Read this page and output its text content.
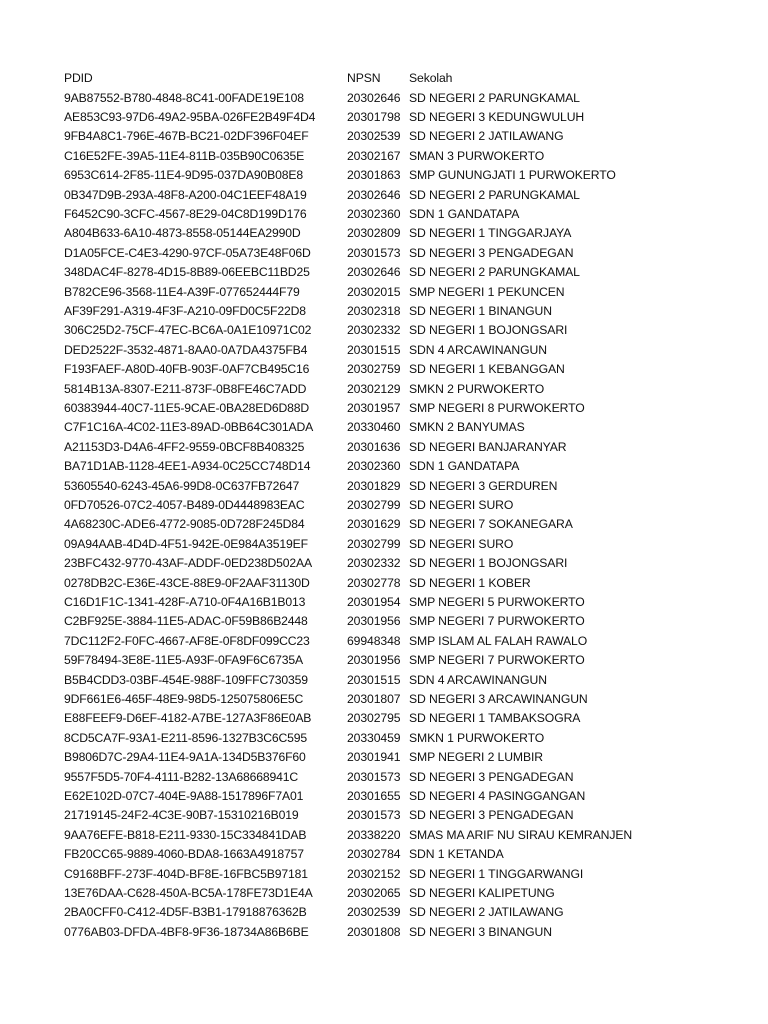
PDID	NPSN	Sekolah
9AB87552-B780-4848-8C41-00FADE19E108	20302646 SD NEGERI 2 PARUNGKAMAL
AE853C93-97D6-49A2-95BA-026FE2B49F4D4	20301798 SD NEGERI 3 KEDUNGWULUH
9FB4A8C1-796E-467B-BC21-02DF396F04EF	20302539 SD NEGERI 2 JATILAWANG
C16E52FE-39A5-11E4-811B-035B90C0635E	20302167 SMAN 3 PURWOKERTO
6953C614-2F85-11E4-9D95-037DA90B08E8	20301863 SMP GUNUNGJATI 1 PURWOKERTO
0B347D9B-293A-48F8-A200-04C1EEF48A19	20302646 SD NEGERI 2 PARUNGKAMAL
F6452C90-3CFC-4567-8E29-04C8D199D176	20302360 SDN 1 GANDATAPA
A804B633-6A10-4873-8558-05144EA2990D	20302809 SD NEGERI 1 TINGGARJAYA
D1A05FCE-C4E3-4290-97CF-05A73E48F06D	20301573 SD NEGERI 3 PENGADEGAN
348DAC4F-8278-4D15-8B89-06EEBC11BD25	20302646 SD NEGERI 2 PARUNGKAMAL
B782CE96-3568-11E4-A39F-077652444F79	20302015 SMP NEGERI 1 PEKUNCEN
AF39F291-A319-4F3F-A210-09FD0C5F22D8	20302318 SD NEGERI 1 BINANGUN
306C25D2-75CF-47EC-BC6A-0A1E10971C02	20302332 SD NEGERI 1 BOJONGSARI
DED2522F-3532-4871-8AA0-0A7DA4375FB4	20301515 SDN 4 ARCAWINANGUN
F193FAEF-A80D-40FB-903F-0AF7CB495C16	20302759 SD NEGERI 1 KEBANGGAN
5814B13A-8307-E211-873F-0B8FE46C7ADD	20302129 SMKN 2 PURWOKERTO
60383944-40C7-11E5-9CAE-0BA28ED6D88D	20301957 SMP NEGERI 8 PURWOKERTO
C7F1C16A-4C02-11E3-89AD-0BB64C301ADA	20330460 SMKN 2 BANYUMAS
A21153D3-D4A6-4FF2-9559-0BCF8B408325	20301636 SD NEGERI BANJARANYAR
BA71D1AB-1128-4EE1-A934-0C25CC748D14	20302360 SDN 1 GANDATAPA
53605540-6243-45A6-99D8-0C637FB72647	20301829 SD NEGERI 3 GERDUREN
0FD70526-07C2-4057-B489-0D4448983EAC	20302799 SD NEGERI SURO
4A68230C-ADE6-4772-9085-0D728F245D84	20301629 SD NEGERI 7 SOKANEGARA
09A94AAB-4D4D-4F51-942E-0E984A3519EF	20302799 SD NEGERI SURO
23BFC432-9770-43AF-ADDF-0ED238D502AA	20302332 SD NEGERI 1 BOJONGSARI
0278DB2C-E36E-43CE-88E9-0F2AAF31130D	20302778 SD NEGERI 1 KOBER
C16D1F1C-1341-428F-A710-0F4A16B1B013	20301954 SMP NEGERI 5 PURWOKERTO
C2BF925E-3884-11E5-ADAC-0F59B86B2448	20301956 SMP NEGERI 7 PURWOKERTO
7DC112F2-F0FC-4667-AF8E-0F8DF099CC23	69948348 SMP ISLAM AL FALAH RAWALO
59F78494-3E8E-11E5-A93F-0FA9F6C6735A	20301956 SMP NEGERI 7 PURWOKERTO
B5B4CDD3-03BF-454E-988F-109FFC730359	20301515 SDN 4 ARCAWINANGUN
9DF661E6-465F-48E9-98D5-125075806E5C	20301807 SD NEGERI 3 ARCAWINANGUN
E88FEEF9-D6EF-4182-A7BE-127A3F86E0AB	20302795 SD NEGERI 1 TAMBAKSOGRA
8CD5CA7F-93A1-E211-8596-1327B3C6C595	20330459 SMKN 1 PURWOKERTO
B9806D7C-29A4-11E4-9A1A-134D5B376F60	20301941 SMP NEGERI 2 LUMBIR
9557F5D5-70F4-4111-B282-13A68668941C	20301573 SD NEGERI 3 PENGADEGAN
E62E102D-07C7-404E-9A88-1517896F7A01	20301655 SD NEGERI 4 PASINGGANGAN
21719145-24F2-4C3E-90B7-15310216B019	20301573 SD NEGERI 3 PENGADEGAN
9AA76EFE-B818-E211-9330-15C334841DAB	20338220 SMAS MA ARIF NU SIRAU KEMRANJEN
FB20CC65-9889-4060-BDA8-1663A4918757	20302784 SDN 1 KETANDA
C9168BFF-273F-404D-BF8E-16FBC5B97181	20302152 SD NEGERI 1 TINGGARWANGI
13E76DAA-C628-450A-BC5A-178FE73D1E4A	20302065 SD NEGERI KALIPETUNG
2BA0CFF0-C412-4D5F-B3B1-17918876362B	20302539 SD NEGERI 2 JATILAWANG
0776AB03-DFDA-4BF8-9F36-18734A86B6BE	20301808 SD NEGERI 3 BINANGUN
